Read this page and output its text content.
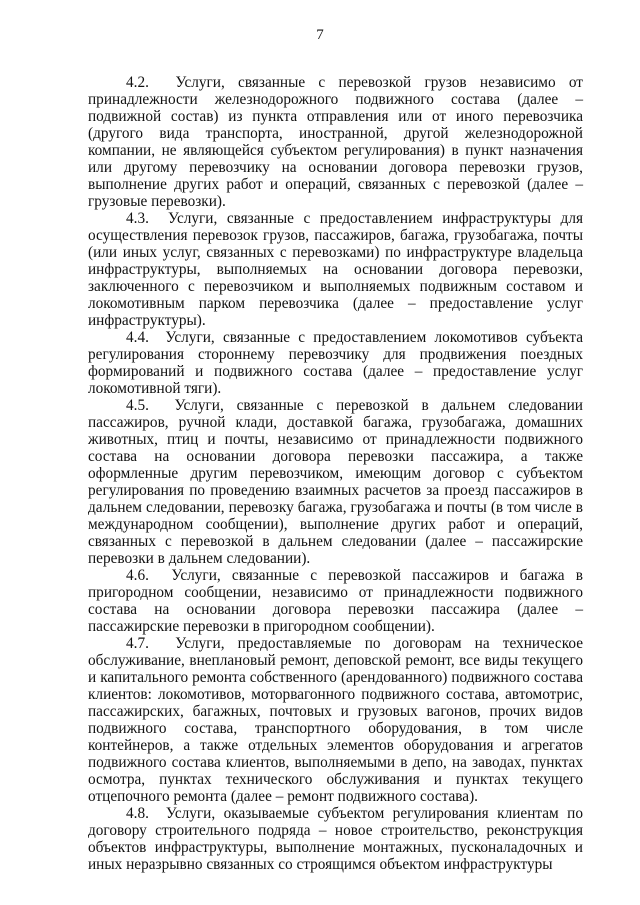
7

4.2.  Услуги, связанные с перевозкой грузов независимо от принадлежности железнодорожного подвижного состава (далее – подвижной состав) из пункта отправления или от иного перевозчика (другого вида транспорта, иностранной, другой железнодорожной компании, не являющейся субъектом регулирования) в пункт назначения или другому перевозчику на основании договора перевозки грузов, выполнение других работ и операций, связанных с перевозкой (далее – грузовые перевозки).

4.3.  Услуги, связанные с предоставлением инфраструктуры для осуществления перевозок грузов, пассажиров, багажа, грузобагажа, почты (или иных услуг, связанных с перевозками) по инфраструктуре владельца инфраструктуры, выполняемых на основании договора перевозки, заключенного с перевозчиком и выполняемых подвижным составом и локомотивным парком перевозчика (далее – предоставление услуг инфраструктуры).

4.4.  Услуги, связанные с предоставлением локомотивов субъекта регулирования стороннему перевозчику для продвижения поездных формирований и подвижного состава (далее – предоставление услуг локомотивной тяги).

4.5.  Услуги, связанные с перевозкой в дальнем следовании пассажиров, ручной клади, доставкой багажа, грузобагажа, домашних животных, птиц и почты, независимо от принадлежности подвижного состава на основании договора перевозки пассажира, а также оформленные другим перевозчиком, имеющим договор с субъектом регулирования по проведению взаимных расчетов за проезд пассажиров в дальнем следовании, перевозку багажа, грузобагажа и почты (в том числе в международном сообщении), выполнение других работ и операций, связанных с перевозкой в дальнем следовании (далее – пассажирские перевозки в дальнем следовании).

4.6.  Услуги, связанные с перевозкой пассажиров и багажа в пригородном сообщении, независимо от принадлежности подвижного состава на основании договора перевозки пассажира (далее – пассажирские перевозки в пригородном сообщении).

4.7.  Услуги, предоставляемые по договорам на техническое обслуживание, внеплановый ремонт, деповской ремонт, все виды текущего и капитального ремонта собственного (арендованного) подвижного состава клиентов: локомотивов, моторвагонного подвижного состава, автомотрис, пассажирских, багажных, почтовых и грузовых вагонов, прочих видов подвижного состава, транспортного оборудования, в том числе контейнеров, а также отдельных элементов оборудования и агрегатов подвижного состава клиентов, выполняемыми в депо, на заводах, пунктах осмотра, пунктах технического обслуживания и пунктах текущего отцепочного ремонта (далее – ремонт подвижного состава).

4.8.  Услуги, оказываемые субъектом регулирования клиентам по договору строительного подряда – новое строительство, реконструкция объектов инфраструктуры, выполнение монтажных, пусконаладочных и иных неразрывно связанных со строящимся объектом инфраструктуры
